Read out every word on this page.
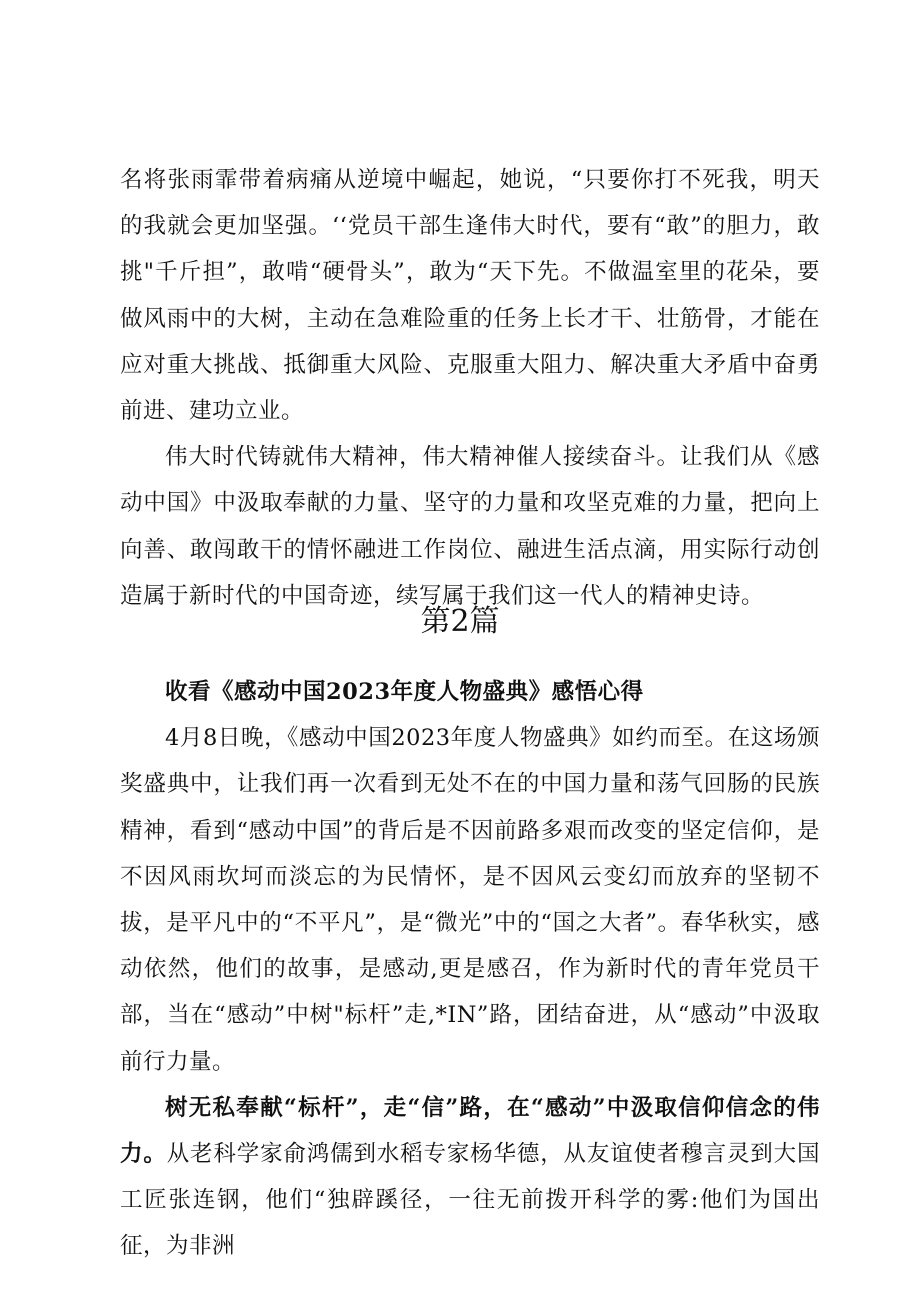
名将张雨霏带着病痛从逆境中崛起，她说，“只要你打不死我，明天的我就会更加坚强。‘‘党员干部生逢伟大时代，要有“敢”的胆力，敢挑"千斤担”，敢啃“硬骨头”，敢为“天下先。不做温室里的花朵，要做风雨中的大树，主动在急难险重的任务上长才干、壮筋骨，才能在应对重大挑战、抵御重大风险、克服重大阻力、解决重大矛盾中奋勇前进、建功立业。

伟大时代铸就伟大精神，伟大精神催人接续奋斗。让我们从《感动中国》中汲取奉献的力量、坚守的力量和攻坚克难的力量，把向上向善、敢闯敢干的情怀融进工作岗位、融进生活点滴，用实际行动创造属于新时代的中国奇迹，续写属于我们这一代人的精神史诗。

第2篇

收看《感动中国2023年度人物盛典》感悟心得

4月8日晚，《感动中国2023年度人物盛典》如约而至。在这场颁奖盛典中，让我们再一次看到无处不在的中国力量和荡气回肠的民族精神，看到“感动中国”的背后是不因前路多艰而改变的坚定信仰，是不因风雨坎坷而淡忘的为民情怀，是不因风云变幻而放弃的坚韧不拔，是平凡中的“不平凡”，是“微光”中的“国之大者”。春华秋实，感动依然，他们的故事，是感动,更是感召，作为新时代的青年党员干部，当在“感动”中树"标杆”走,*IN”路，团结奋进，从“感动”中汲取前行力量。

树无私奉献“标杆”，走“信”路，在“感动”中汲取信仰信念的伟力。从老科学家俞鸿儒到水稻专家杨华德，从友谊使者穆言灵到大国工匠张连钢，他们“独辟蹊径，一往无前拨开科学的雾:他们为国出征，为非洲
